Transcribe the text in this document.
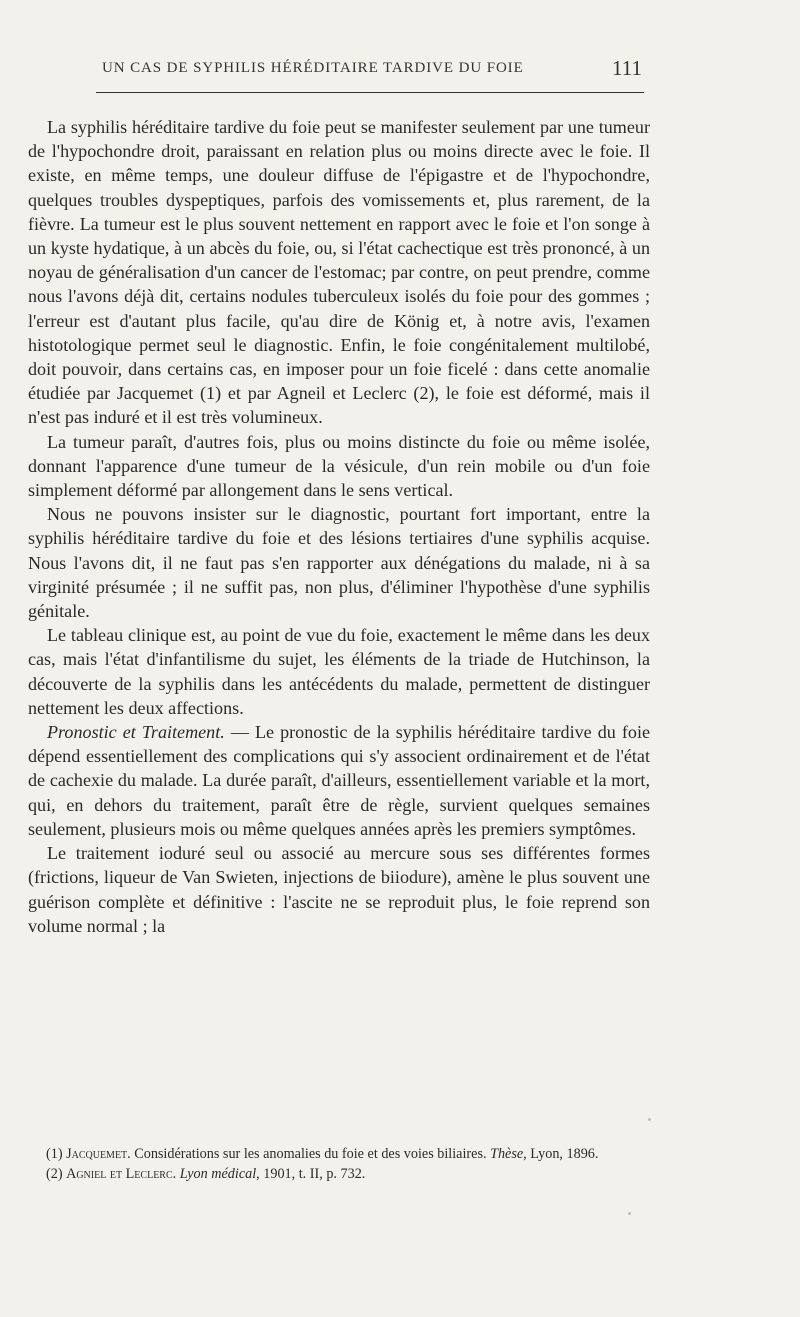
UN CAS DE SYPHILIS HÉRÉDITAIRE TARDIVE DU FOIE	111

La syphilis héréditaire tardive du foie peut se manifester seulement par une tumeur de l'hypochondre droit, paraissant en relation plus ou moins directe avec le foie. Il existe, en même temps, une douleur diffuse de l'épigastre et de l'hypochondre, quelques troubles dyspeptiques, parfois des vomissements et, plus rarement, de la fièvre. La tumeur est le plus souvent nettement en rapport avec le foie et l'on songe à un kyste hydatique, à un abcès du foie, ou, si l'état cachectique est très prononcé, à un noyau de généralisation d'un cancer de l'estomac; par contre, on peut prendre, comme nous l'avons déjà dit, certains nodules tuberculeux isolés du foie pour des gommes ; l'erreur est d'autant plus facile, qu'au dire de König et, à notre avis, l'examen histotologique permet seul le diagnostic. Enfin, le foie congénitalement multilobé, doit pouvoir, dans certains cas, en imposer pour un foie ficelé : dans cette anomalie étudiée par Jacquemet (1) et par Agneil et Leclerc (2), le foie est déformé, mais il n'est pas induré et il est très volumineux.

La tumeur paraît, d'autres fois, plus ou moins distincte du foie ou même isolée, donnant l'apparence d'une tumeur de la vésicule, d'un rein mobile ou d'un foie simplement déformé par allongement dans le sens vertical.

Nous ne pouvons insister sur le diagnostic, pourtant fort important, entre la syphilis héréditaire tardive du foie et des lésions tertiaires d'une syphilis acquise. Nous l'avons dit, il ne faut pas s'en rapporter aux dénégations du malade, ni à sa virginité présumée ; il ne suffit pas, non plus, d'éliminer l'hypothèse d'une syphilis génitale.

Le tableau clinique est, au point de vue du foie, exactement le même dans les deux cas, mais l'état d'infantilisme du sujet, les éléments de la triade de Hutchinson, la découverte de la syphilis dans les antécédents du malade, permettent de distinguer nettement les deux affections.

Pronostic et Traitement. — Le pronostic de la syphilis héréditaire tardive du foie dépend essentiellement des complications qui s'y associent ordinairement et de l'état de cachexie du malade. La durée paraît, d'ailleurs, essentiellement variable et la mort, qui, en dehors du traitement, paraît être de règle, survient quelques semaines seulement, plusieurs mois ou même quelques années après les premiers symptômes.

Le traitement ioduré seul ou associé au mercure sous ses différentes formes (frictions, liqueur de Van Swieten, injections de biiodure), amène le plus souvent une guérison complète et définitive : l'ascite ne se reproduit plus, le foie reprend son volume normal ; la

(1) Jacquemet. Considérations sur les anomalies du foie et des voies biliaires. Thèse, Lyon, 1896.

(2) Agniel et Leclerc. Lyon médical, 1901, t. II, p. 732.
